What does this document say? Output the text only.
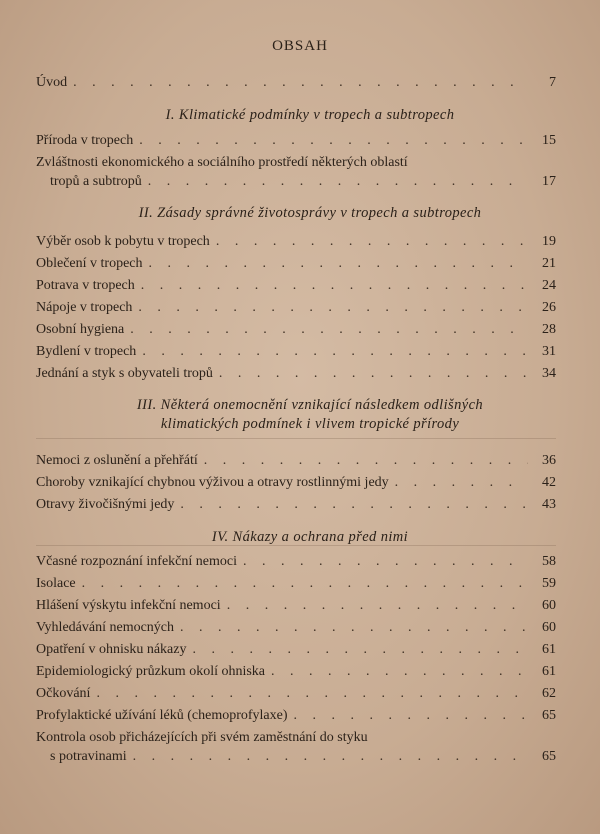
OBSAH
Úvod . . .	7
I. Klimatické podmínky v tropech a subtropech
Příroda v tropech . . .	15
Zvláštnosti ekonomického a sociálního prostředí některých oblastí
tropů a subtropů . . .	17
II. Zásady správné životosprávy v tropech a subtropech
Výběr osob k pobytu v tropech . . .	19
Oblečení v tropech . . .	21
Potrava v tropech . . .	24
Nápoje v tropech . . .	26
Osobní hygiena . . .	28
Bydlení v tropech . . .	31
Jednání a styk s obyvateli tropů . . .	34
III. Některá onemocnění vznikající následkem odlišných
klimatických podmínek i vlivem tropické přírody
Nemoci z oslunění a přehřátí . . .	36
Choroby vznikající chybnou výživou a otravy rostlinnými jedy . . .	42
Otravy živočišnými jedy . . .	43
IV. Nákazy a ochrana před nimi
Včasné rozpoznání infekční nemoci . . .	58
Isolace . . .	59
Hlášení výskytu infekční nemoci . . .	60
Vyhledávání nemocných . . .	60
Opatření v ohnisku nákazy . . .	61
Epidemiologický průzkum okolí ohniska . . .	61
Očkování . . .	62
Profylaktické užívání léků (chemoprofylaxe) . . .	65
Kontrola osob přicházejících při svém zaměstnání do styku
s potravinami . . .	65
